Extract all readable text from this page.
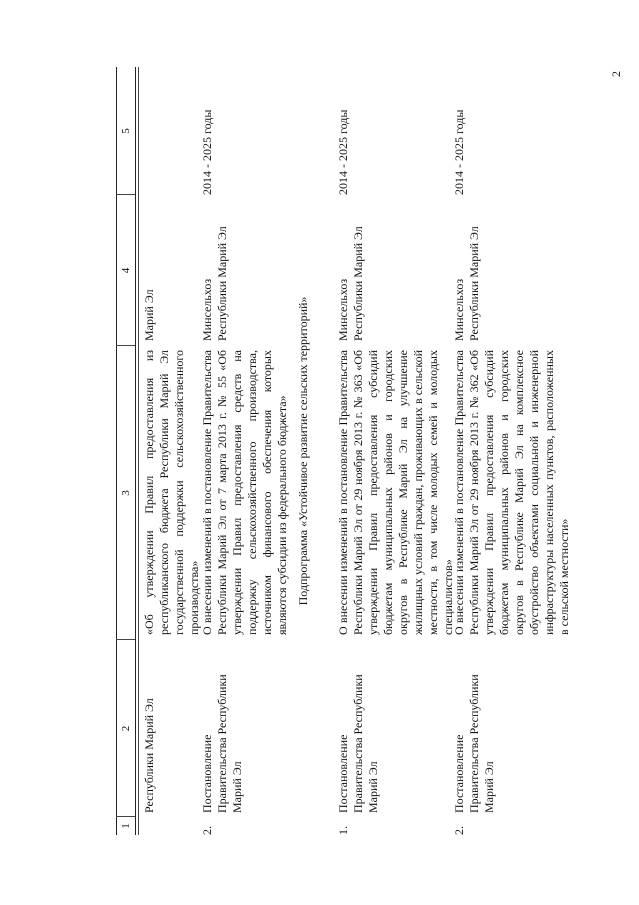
2
1
2
3
4
5
Республики Марий Эл
«Об утверждении Правил предоставления из республиканского бюджета Республики Марий Эл государственной поддержки сельскохозяйственного производства»
Марий Эл
2.
Постановление Правительства Республики Марий Эл
О внесении изменений в постановление Правительства Республики Марий Эл от 7 марта 2013 г. № 55 «Об утверждении Правил предоставления средств на поддержку сельскохозяйственного производства, источником финансового обеспечения которых являются субсидии из федерального бюджета»
Минсельхоз Республики Марий Эл
2014 - 2025 годы
Подпрограмма «Устойчивое развитие сельских территорий»
1.
Постановление Правительства Республики Марий Эл
О внесении изменений в постановление Правительства Республики Марий Эл от 29 ноября 2013 г. № 363 «Об утверждении Правил предоставления субсидий бюджетам муниципальных районов и городских округов в Республике Марий Эл на улучшение жилищных условий граждан, проживающих в сельской местности, в том числе молодых семей и молодых специалистов»
Минсельхоз Республики Марий Эл
2014 - 2025 годы
2.
Постановление Правительства Республики Марий Эл
О внесении изменений в постановление Правительства Республики Марий Эл от 29 ноября 2013 г. № 362 «Об утверждении Правил предоставления субсидий бюджетам муниципальных районов и городских округов в Республике Марий Эл на комплексное обустройство объектами социальной и инженерной инфраструктуры населенных пунктов, расположенных в сельской местности»
Минсельхоз Республики Марий Эл
2014 - 2025 годы
